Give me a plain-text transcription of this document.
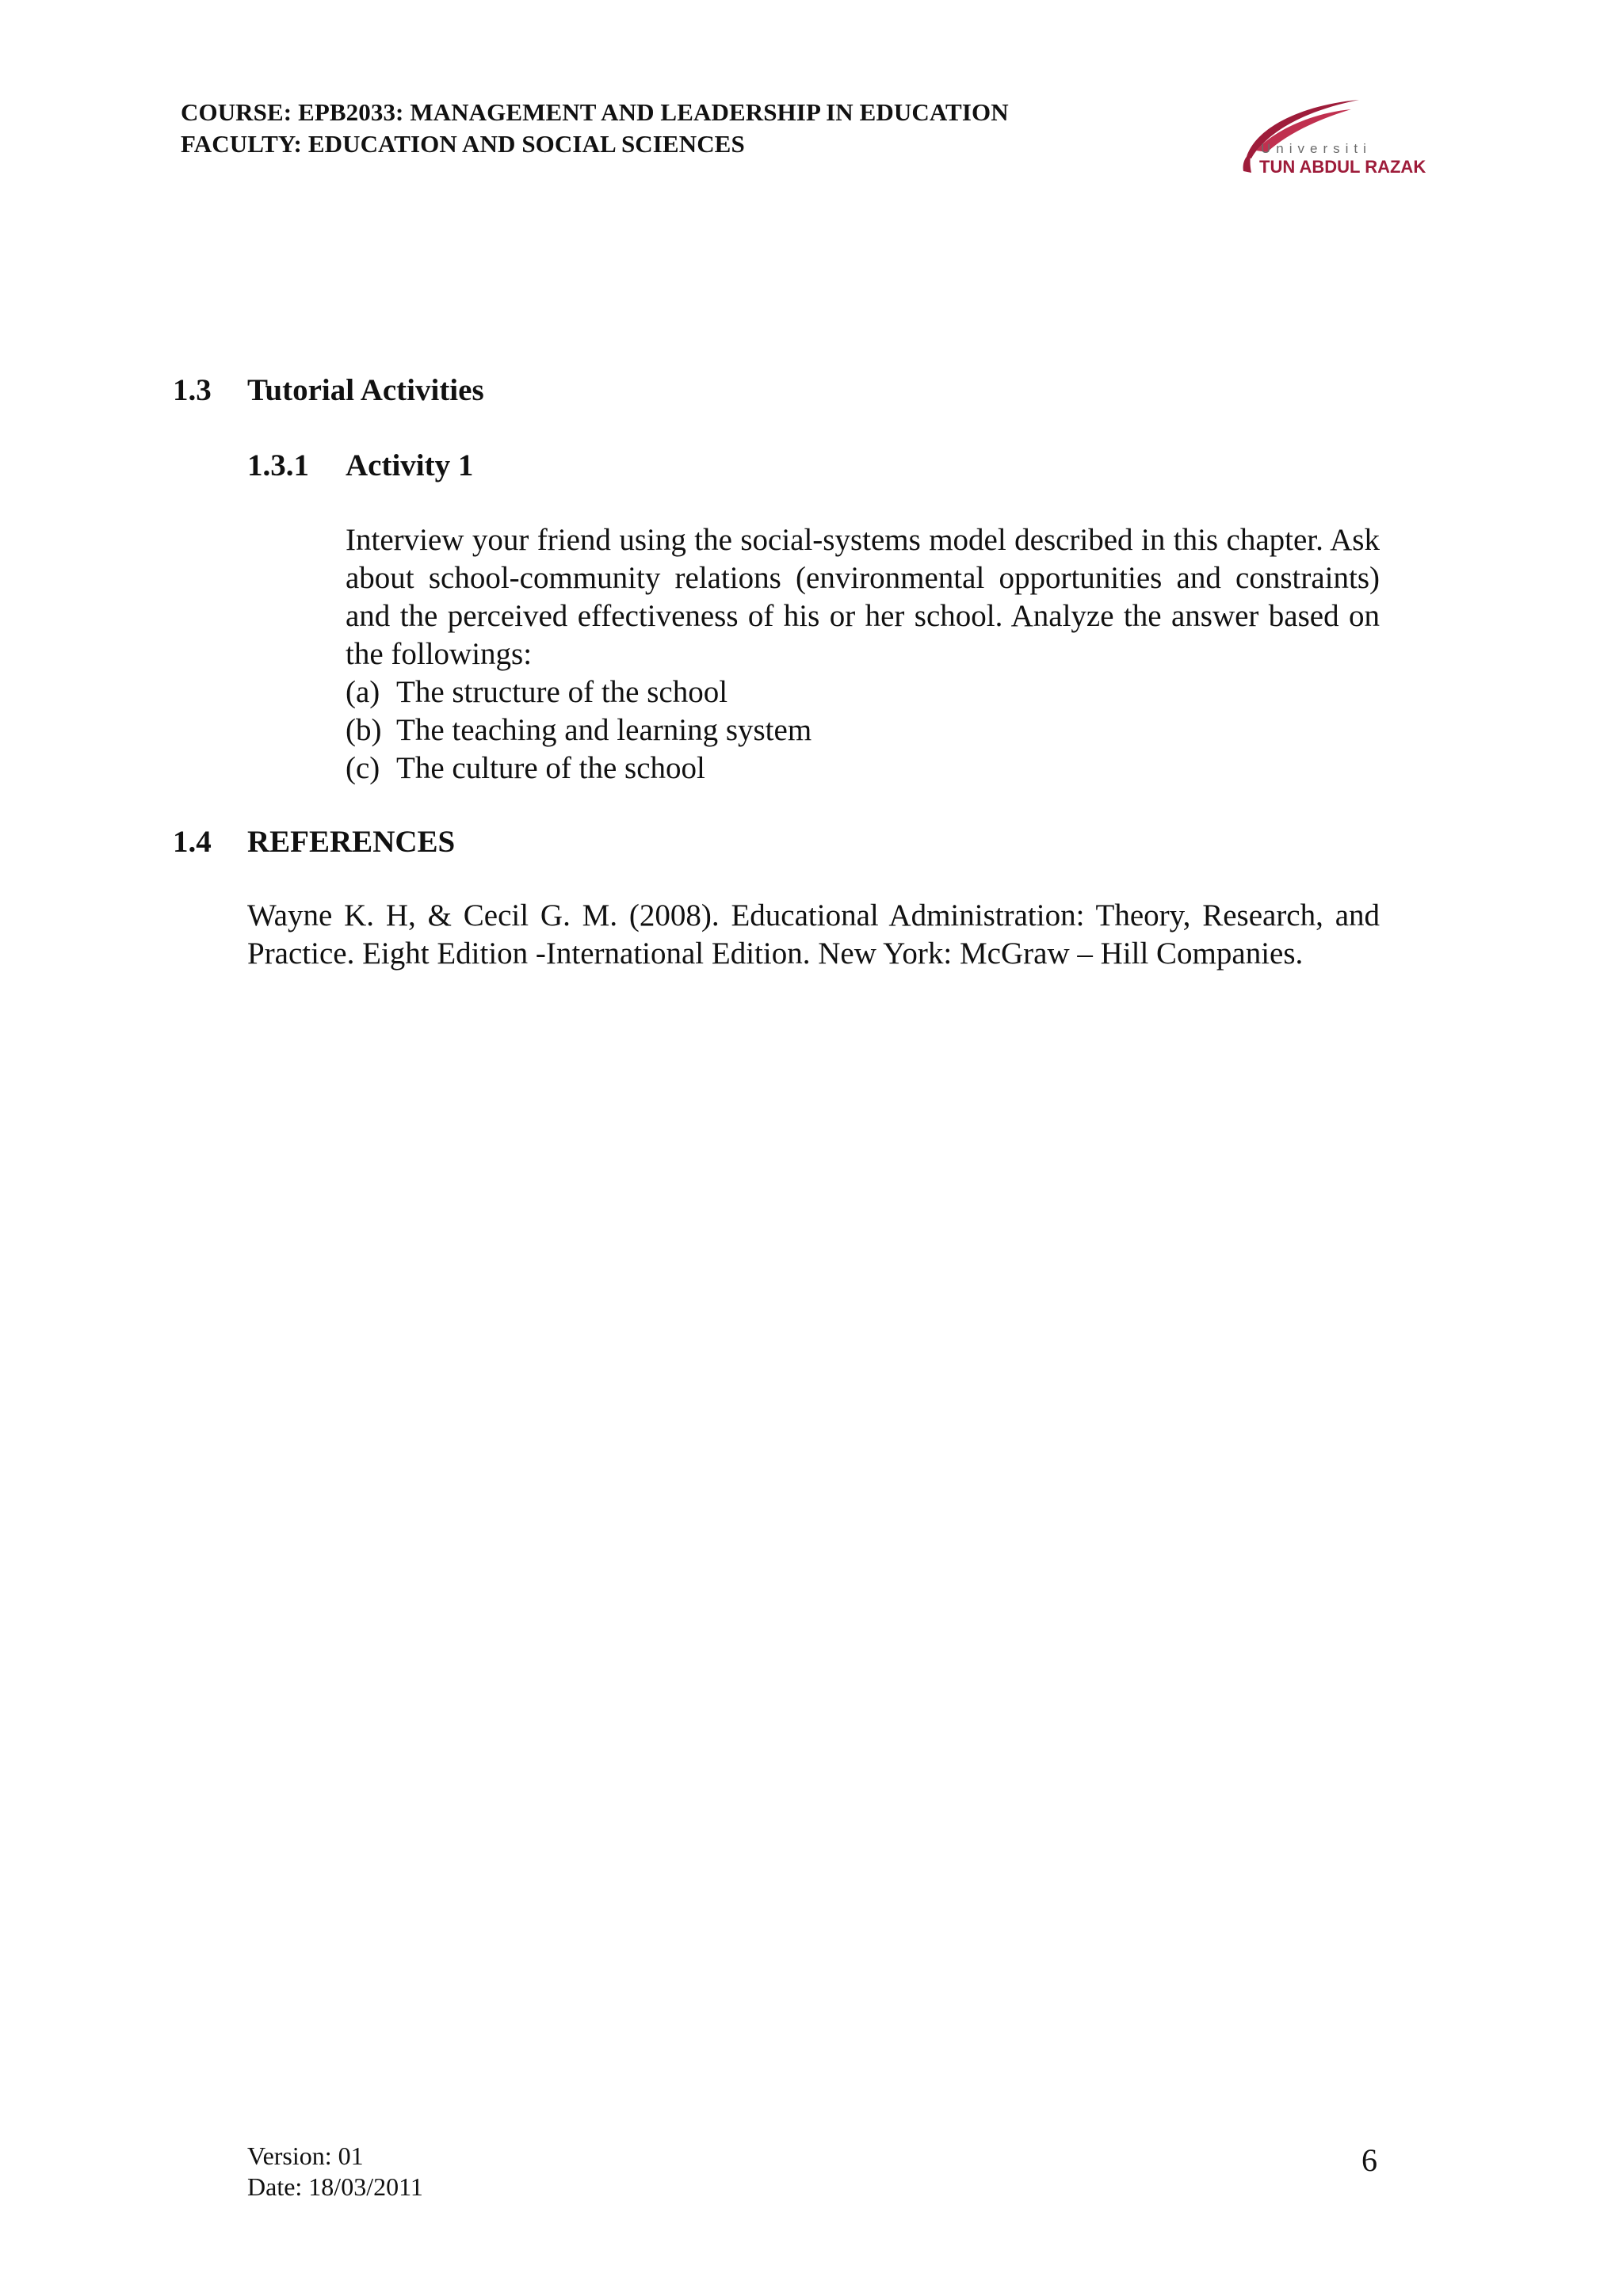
COURSE: EPB2033: MANAGEMENT AND LEADERSHIP IN EDUCATION
FACULTY: EDUCATION AND SOCIAL SCIENCES	Universiti
TUN ABDUL RAZAK
1.3 Tutorial Activities
1.3.1 Activity 1
Interview your friend using the social-systems model described in this chapter. Ask about school-community relations (environmental opportunities and constraints) and the perceived effectiveness of his or her school. Analyze the answer based on the followings:
(a) The structure of the school
(b) The teaching and learning system
(c) The culture of the school
1.4 REFERENCES
Wayne K. H, & Cecil G. M. (2008). Educational Administration: Theory, Research, and Practice. Eight Edition -International Edition. New York: McGraw – Hill Companies.
Version: 01
Date: 18/03/2011
6
